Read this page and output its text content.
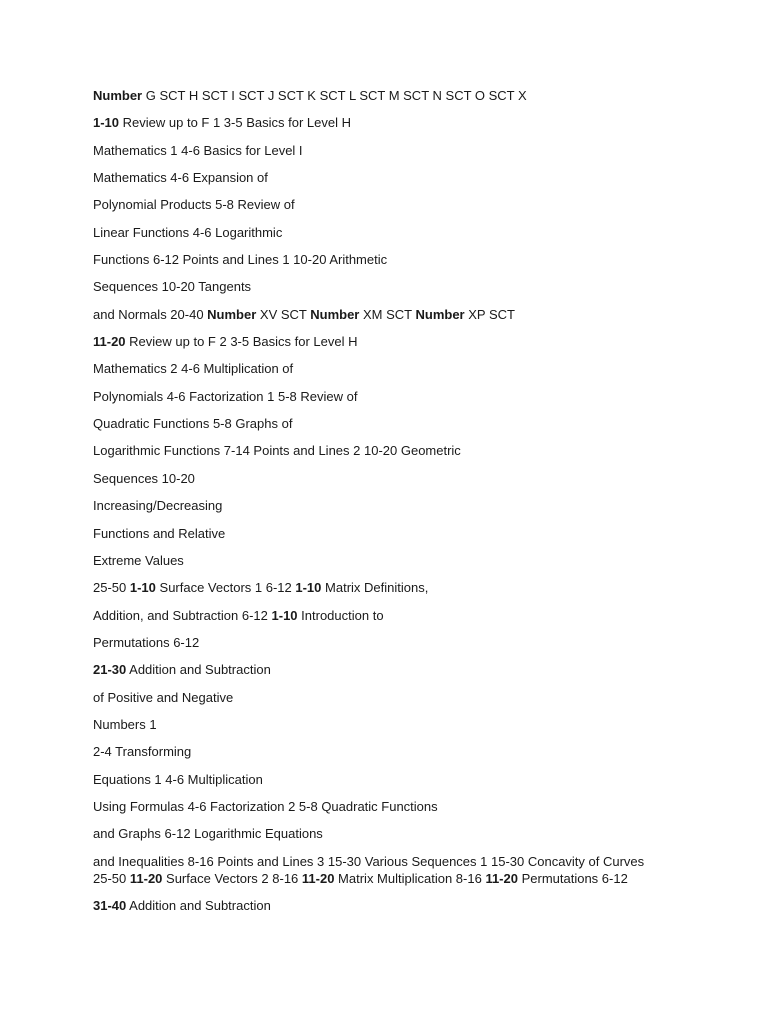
Number G SCT H SCT I SCT J SCT K SCT L SCT M SCT N SCT O SCT X
1-10 Review up to F 1 3-5 Basics for Level H
Mathematics 1 4-6 Basics for Level I
Mathematics 4-6 Expansion of
Polynomial Products 5-8 Review of
Linear Functions 4-6 Logarithmic
Functions 6-12 Points and Lines 1 10-20 Arithmetic
Sequences 10-20 Tangents
and Normals 20-40 Number XV SCT Number XM SCT Number XP SCT
11-20 Review up to F 2 3-5 Basics for Level H
Mathematics 2 4-6 Multiplication of
Polynomials 4-6 Factorization 1 5-8 Review of
Quadratic Functions 5-8 Graphs of
Logarithmic Functions 7-14 Points and Lines 2 10-20 Geometric
Sequences 10-20
Increasing/Decreasing
Functions and Relative
Extreme Values
25-50 1-10 Surface Vectors 1 6-12 1-10 Matrix Definitions,
Addition, and Subtraction 6-12 1-10 Introduction to
Permutations 6-12
21-30 Addition and Subtraction
of Positive and Negative
Numbers 1
2-4 Transforming
Equations 1 4-6 Multiplication
Using Formulas 4-6 Factorization 2 5-8 Quadratic Functions
and Graphs 6-12 Logarithmic Equations
and Inequalities 8-16 Points and Lines 3 15-30 Various Sequences 1 15-30 Concavity of Curves
25-50 11-20 Surface Vectors 2 8-16 11-20 Matrix Multiplication 8-16 11-20 Permutations 6-12
31-40 Addition and Subtraction
